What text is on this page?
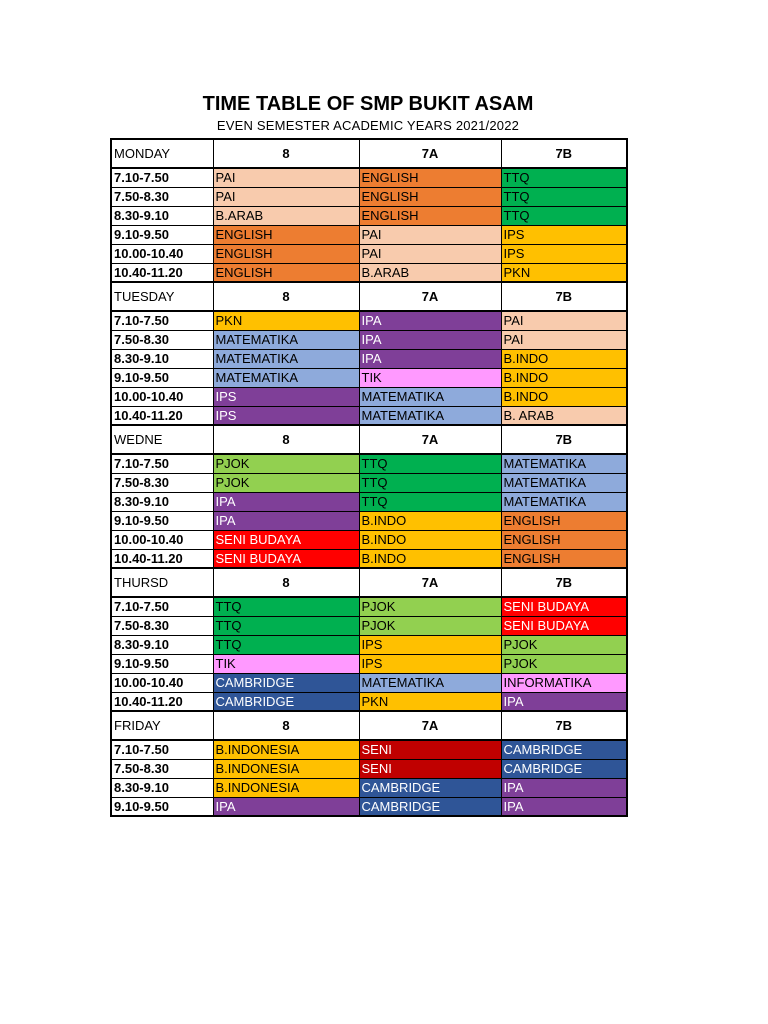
TIME TABLE OF SMP BUKIT ASAM
EVEN SEMESTER ACADEMIC YEARS 2021/2022
MONDAY	8	7A	7B
7.10-7.50	PAI	ENGLISH	TTQ
7.50-8.30	PAI	ENGLISH	TTQ
8.30-9.10	B.ARAB	ENGLISH	TTQ
9.10-9.50	ENGLISH	PAI	IPS
10.00-10.40	ENGLISH	PAI	IPS
10.40-11.20	ENGLISH	B.ARAB	PKN
TUESDAY	8	7A	7B
7.10-7.50	PKN	IPA	PAI
7.50-8.30	MATEMATIKA	IPA	PAI
8.30-9.10	MATEMATIKA	IPA	B.INDO
9.10-9.50	MATEMATIKA	TIK	B.INDO
10.00-10.40	IPS	MATEMATIKA	B.INDO
10.40-11.20	IPS	MATEMATIKA	B. ARAB
WEDNE	8	7A	7B
7.10-7.50	PJOK	TTQ	MATEMATIKA
7.50-8.30	PJOK	TTQ	MATEMATIKA
8.30-9.10	IPA	TTQ	MATEMATIKA
9.10-9.50	IPA	B.INDO	ENGLISH
10.00-10.40	SENI BUDAYA	B.INDO	ENGLISH
10.40-11.20	SENI BUDAYA	B.INDO	ENGLISH
THURSD	8	7A	7B
7.10-7.50	TTQ	PJOK	SENI BUDAYA
7.50-8.30	TTQ	PJOK	SENI BUDAYA
8.30-9.10	TTQ	IPS	PJOK
9.10-9.50	TIK	IPS	PJOK
10.00-10.40	CAMBRIDGE	MATEMATIKA	INFORMATIKA
10.40-11.20	CAMBRIDGE	PKN	IPA
FRIDAY	8	7A	7B
7.10-7.50	B.INDONESIA	SENI	CAMBRIDGE
7.50-8.30	B.INDONESIA	SENI	CAMBRIDGE
8.30-9.10	B.INDONESIA	CAMBRIDGE	IPA
9.10-9.50	IPA	CAMBRIDGE	IPA
